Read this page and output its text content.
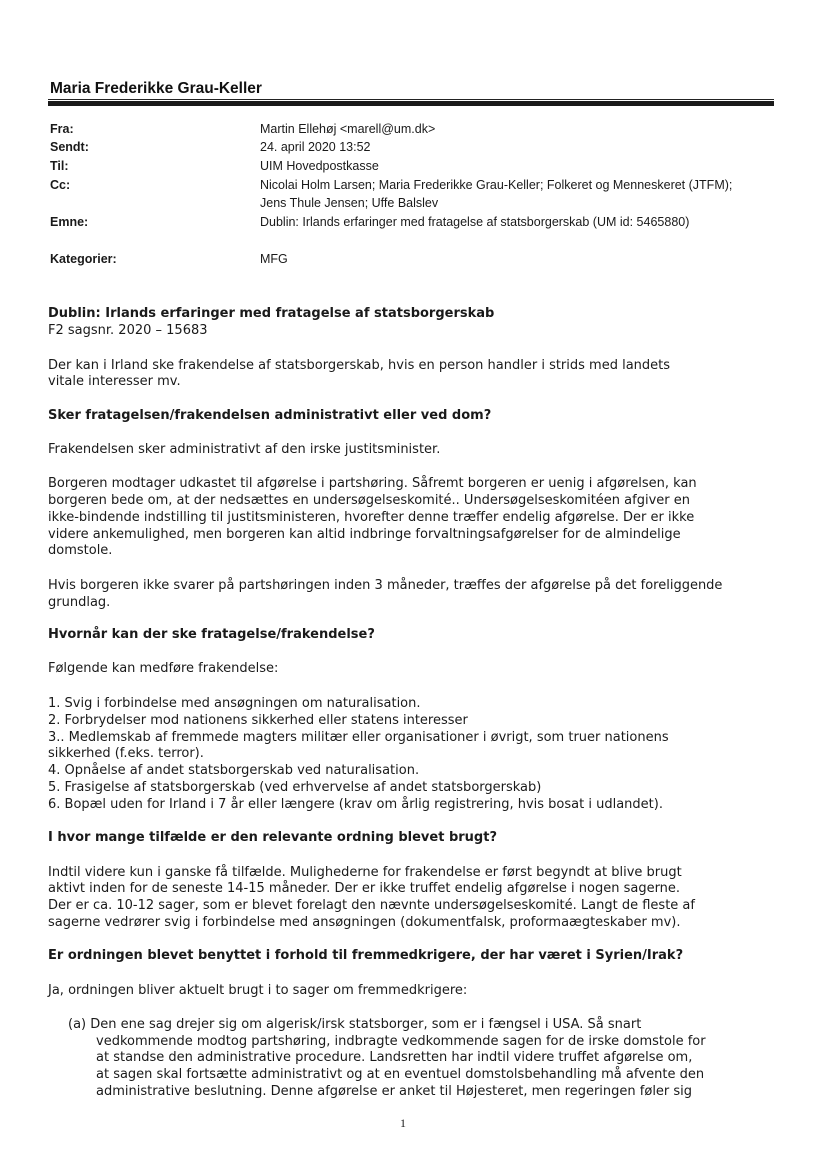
Maria Frederikke Grau-Keller
Fra:	Martin Ellehøj <marell@um.dk>
Sendt:	24. april 2020 13:52
Til:	UIM Hovedpostkasse
Cc:	Nicolai Holm Larsen; Maria Frederikke Grau-Keller; Folkeret og Menneskeret (JTFM);
Jens Thule Jensen; Uffe Balslev
Emne:	Dublin: Irlands erfaringer med fratagelse af statsborgerskab (UM id: 5465880)
Kategorier:	MFG
Dublin: Irlands erfaringer med fratagelse af statsborgerskab
F2 sagsnr. 2020 – 15683
Der kan i Irland ske frakendelse af statsborgerskab, hvis en person handler i strids med landets
vitale interesser mv.
Sker fratagelsen/frakendelsen administrativt eller ved dom?
Frakendelsen sker administrativt af den irske justitsminister.
Borgeren modtager udkastet til afgørelse i partshøring. Såfremt borgeren er uenig i afgørelsen, kan
borgeren bede om, at der nedsættes en undersøgelseskomité.. Undersøgelseskomitéen afgiver en
ikke-bindende indstilling til justitsministeren, hvorefter denne træffer endelig afgørelse. Der er ikke
videre ankemulighed, men borgeren kan altid indbringe forvaltningsafgørelser for de almindelige
domstole.
Hvis borgeren ikke svarer på partshøringen inden 3 måneder, træffes der afgørelse på det foreliggende
grundlag.
Hvornår kan der ske fratagelse/frakendelse?
Følgende kan medføre frakendelse:
1. Svig i forbindelse med ansøgningen om naturalisation.
2. Forbrydelser mod nationens sikkerhed eller statens interesser
3.. Medlemskab af fremmede magters militær eller organisationer i øvrigt, som truer nationens
sikkerhed (f.eks. terror).
4. Opnåelse af andet statsborgerskab ved naturalisation.
5. Frasigelse af statsborgerskab (ved erhvervelse af andet statsborgerskab)
6. Bopæl uden for Irland i 7 år eller længere (krav om årlig registrering, hvis bosat i udlandet).
I hvor mange tilfælde er den relevante ordning blevet brugt?
Indtil videre kun i ganske få tilfælde. Mulighederne for frakendelse er først begyndt at blive brugt
aktivt inden for de seneste 14-15 måneder. Der er ikke truffet endelig afgørelse i nogen sagerne.
Der er ca. 10-12 sager, som er blevet forelagt den nævnte undersøgelseskomité. Langt de fleste af
sagerne vedrører svig i forbindelse med ansøgningen (dokumentfalsk, proformaægteskaber mv).
Er ordningen blevet benyttet i forhold til fremmedkrigere, der har været i Syrien/Irak?
Ja, ordningen bliver aktuelt brugt i to sager om fremmedkrigere:
(a) Den ene sag drejer sig om algerisk/irsk statsborger, som er i fængsel i USA. Så snart
vedkommende modtog partshøring, indbragte vedkommende sagen for de irske domstole for
at standse den administrative procedure. Landsretten har indtil videre truffet afgørelse om,
at sagen skal fortsætte administrativt og at en eventuel domstolsbehandling må afvente den
administrative beslutning. Denne afgørelse er anket til Højesteret, men regeringen føler sig
1
